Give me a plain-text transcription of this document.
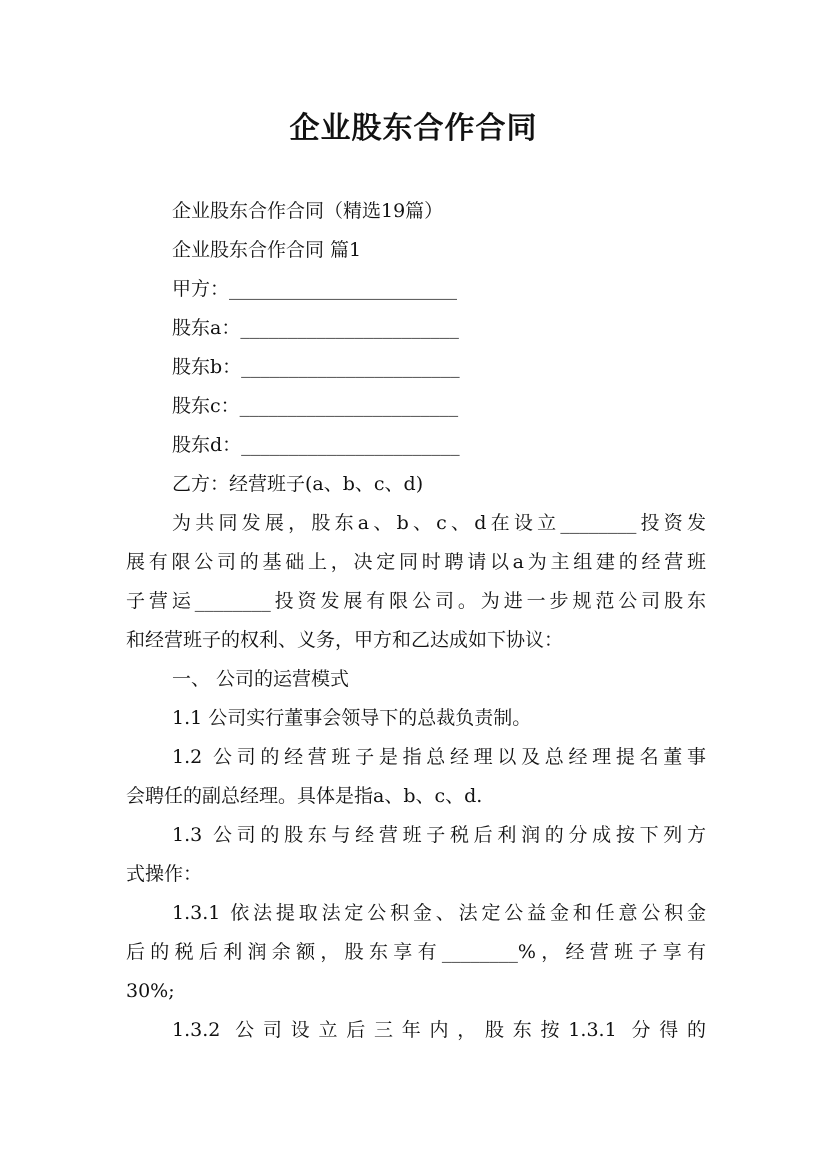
企业股东合作合同
企业股东合作合同（精选19篇）
企业股东合作合同 篇1
甲方：________________________
股东a：_______________________
股东b：_______________________
股东c：_______________________
股东d：_______________________
乙方：经营班子(a、b、c、d)
为共同发展，股东a、b、c、d在设立________投资发
展有限公司的基础上，决定同时聘请以a为主组建的经营班
子营运________投资发展有限公司。为进一步规范公司股东
和经营班子的权利、义务，甲方和乙达成如下协议：
一、 公司的运营模式
1.1 公司实行董事会领导下的总裁负责制。
1.2 公司的经营班子是指总经理以及总经理提名董事
会聘任的副总经理。具体是指a、b、c、d.
1.3 公司的股东与经营班子税后利润的分成按下列方
式操作：
1.3.1 依法提取法定公积金、法定公益金和任意公积金
后的税后利润余额，股东享有________%，经营班子享有
30%;
1.3.2 公司设立后三年内，股东按1.3.1 分得的
